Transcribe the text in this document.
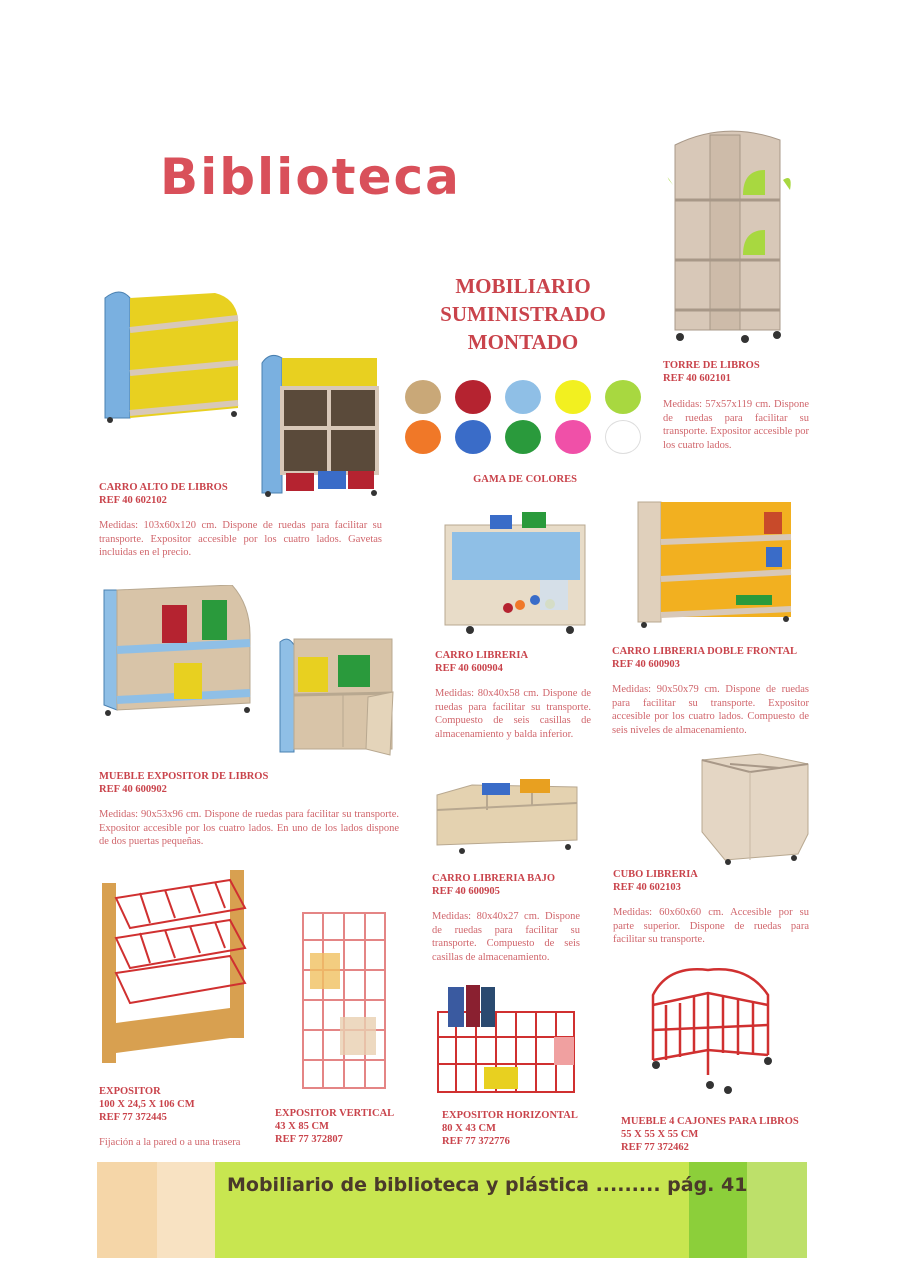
Biblioteca
MOBILIARIO
SUMINISTRADO
MONTADO
GAMA DE COLORES
TORRE DE LIBROS
REF 40 602101
Medidas: 57x57x119 cm. Dispone de ruedas para facilitar su transporte. Expositor accesible por los cuatro lados.
CARRO ALTO DE LIBROS
REF 40 602102
Medidas: 103x60x120 cm. Dispone de ruedas para facilitar su transporte. Expositor accesible por los cuatro lados. Gavetas incluidas en el precio.
CARRO LIBRERIA
REF 40 600904
Medidas: 80x40x58 cm. Dispone de ruedas para facilitar su transporte. Compuesto de seis casillas de almacenamiento y balda inferior.
CARRO LIBRERIA DOBLE FRONTAL
REF 40 600903
Medidas: 90x50x79 cm. Dispone de ruedas para facilitar su transporte. Expositor accesible por los cuatro lados. Compuesto de seis niveles de almacenamiento.
MUEBLE EXPOSITOR DE LIBROS
REF 40 600902
Medidas: 90x53x96 cm. Dispone de ruedas para facilitar su transporte. Expositor accesible por los cuatro lados. En uno de los lados dispone de dos puertas pequeñas.
CARRO LIBRERIA BAJO
REF 40 600905
Medidas: 80x40x27 cm. Dispone de ruedas para facilitar su transporte. Compuesto de seis casillas de almacenamiento.
CUBO LIBRERIA
REF 40 602103
Medidas: 60x60x60 cm. Accesible por su parte superior. Dispone de ruedas para facilitar su transporte.
EXPOSITOR
100 X 24,5 X 106 CM
REF 77 372445
Fijación a la pared o a una trasera
EXPOSITOR VERTICAL
43 X 85 CM
REF 77 372807
EXPOSITOR HORIZONTAL
80 X 43 CM
REF 77 372776
MUEBLE 4 CAJONES PARA LIBROS
55 X 55 X 55 CM
REF 77 372462
Mobiliario de biblioteca y plástica ......... pág. 41
